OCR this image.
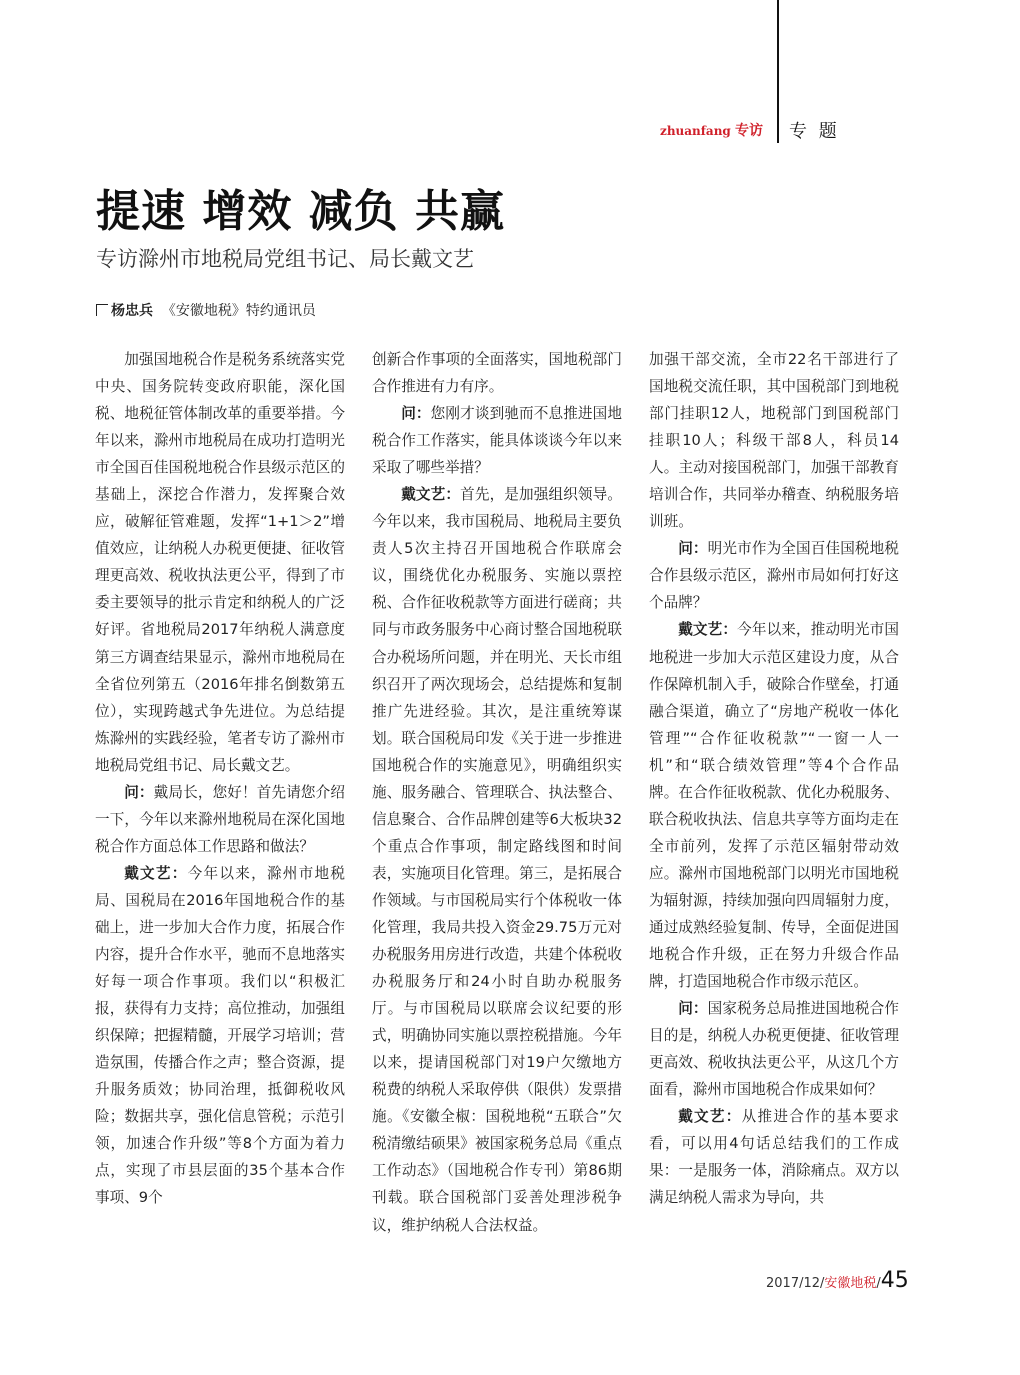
zhuanfang 专访 专 题
提速 增效 减负 共赢
专访滁州市地税局党组书记、局长戴文艺
杨忠兵 《安徽地税》特约通讯员

加强国地税合作是税务系统落实党中央、国务院转变政府职能，深化国税、地税征管体制改革的重要举措。今年以来，滁州市地税局在成功打造明光市全国百佳国税地税合作县级示范区的基础上，深挖合作潜力，发挥聚合效应，破解征管难题，发挥“1+1＞2”增值效应，让纳税人办税更便捷、征收管理更高效、税收执法更公平，得到了市委主要领导的批示肯定和纳税人的广泛好评。省地税局2017年纳税人满意度第三方调查结果显示，滁州市地税局在全省位列第五（2016年排名倒数第五位），实现跨越式争先进位。为总结提炼滁州的实践经验，笔者专访了滁州市地税局党组书记、局长戴文艺。

问：戴局长，您好！首先请您介绍一下，今年以来滁州地税局在深化国地税合作方面总体工作思路和做法？

戴文艺：今年以来，滁州市地税局、国税局在2016年国地税合作的基础上，进一步加大合作力度，拓展合作内容，提升合作水平，驰而不息地落实好每一项合作事项。我们以“积极汇报，获得有力支持；高位推动，加强组织保障；把握精髓，开展学习培训；营造氛围，传播合作之声；整合资源，提升服务质效；协同治理，抵御税收风险；数据共享，强化信息管税；示范引领，加速合作升级”等8个方面为着力点，实现了市县层面的35个基本合作事项、9个

创新合作事项的全面落实，国地税部门合作推进有力有序。

问：您刚才谈到驰而不息推进国地税合作工作落实，能具体谈谈今年以来采取了哪些举措？

戴文艺：首先，是加强组织领导。今年以来，我市国税局、地税局主要负责人5次主持召开国地税合作联席会议，围绕优化办税服务、实施以票控税、合作征收税款等方面进行磋商；共同与市政务服务中心商讨整合国地税联合办税场所问题，并在明光、天长市组织召开了两次现场会，总结提炼和复制推广先进经验。其次，是注重统筹谋划。联合国税局印发《关于进一步推进国地税合作的实施意见》，明确组织实施、服务融合、管理联合、执法整合、信息聚合、合作品牌创建等6大板块32个重点合作事项，制定路线图和时间表，实施项目化管理。第三，是拓展合作领域。与市国税局实行个体税收一体化管理，我局共投入资金29.75万元对办税服务用房进行改造，共建个体税收办税服务厅和24小时自助办税服务厅。与市国税局以联席会议纪要的形式，明确协同实施以票控税措施。今年以来，提请国税部门对19户欠缴地方税费的纳税人采取停供（限供）发票措施。《安徽全椒：国税地税“五联合”欠税清缴结硕果》被国家税务总局《重点工作动态》（国地税合作专刊）第86期刊载。联合国税部门妥善处理涉税争议，维护纳税人合法权益。

加强干部交流，全市22名干部进行了国地税交流任职，其中国税部门到地税部门挂职12人，地税部门到国税部门挂职10人；科级干部8人，科员14人。主动对接国税部门，加强干部教育培训合作，共同举办稽查、纳税服务培训班。

问：明光市作为全国百佳国税地税合作县级示范区，滁州市局如何打好这个品牌？

戴文艺：今年以来，推动明光市国地税进一步加大示范区建设力度，从合作保障机制入手，破除合作壁垒，打通融合渠道，确立了“房地产税收一体化管理”“合作征收税款”“一窗一人一机”和“联合绩效管理”等4个合作品牌。在合作征收税款、优化办税服务、联合税收执法、信息共享等方面均走在全市前列，发挥了示范区辐射带动效应。滁州市国地税部门以明光市国地税为辐射源，持续加强向四周辐射力度，通过成熟经验复制、传导，全面促进国地税合作升级，正在努力升级合作品牌，打造国地税合作市级示范区。

问：国家税务总局推进国地税合作目的是，纳税人办税更便捷、征收管理更高效、税收执法更公平，从这几个方面看，滁州市国地税合作成果如何？

戴文艺：从推进合作的基本要求看，可以用4句话总结我们的工作成果：一是服务一体，消除痛点。双方以满足纳税人需求为导向，共

2017/12/安徽地税/45
